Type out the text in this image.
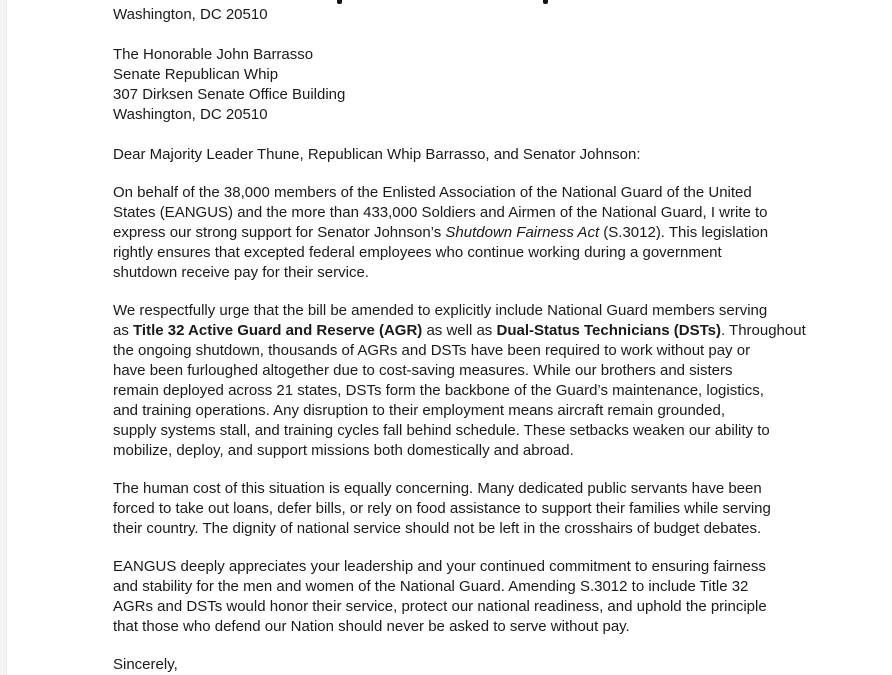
Washington, DC 20510

The Honorable John Barrasso
Senate Republican Whip
307 Dirksen Senate Office Building
Washington, DC 20510

Dear Majority Leader Thune, Republican Whip Barrasso, and Senator Johnson:

On behalf of the 38,000 members of the Enlisted Association of the National Guard of the United
States (EANGUS) and the more than 433,000 Soldiers and Airmen of the National Guard, I write to
express our strong support for Senator Johnson’s Shutdown Fairness Act (S.3012). This legislation
rightly ensures that excepted federal employees who continue working during a government
shutdown receive pay for their service.

We respectfully urge that the bill be amended to explicitly include National Guard members serving
as Title 32 Active Guard and Reserve (AGR) as well as Dual-Status Technicians (DSTs). Throughout
the ongoing shutdown, thousands of AGRs and DSTs have been required to work without pay or
have been furloughed altogether due to cost-saving measures. While our brothers and sisters
remain deployed across 21 states, DSTs form the backbone of the Guard’s maintenance, logistics,
and training operations. Any disruption to their employment means aircraft remain grounded,
supply systems stall, and training cycles fall behind schedule. These setbacks weaken our ability to
mobilize, deploy, and support missions both domestically and abroad.

The human cost of this situation is equally concerning. Many dedicated public servants have been
forced to take out loans, defer bills, or rely on food assistance to support their families while serving
their country. The dignity of national service should not be left in the crosshairs of budget debates.

EANGUS deeply appreciates your leadership and your continued commitment to ensuring fairness
and stability for the men and women of the National Guard. Amending S.3012 to include Title 32
AGRs and DSTs would honor their service, protect our national readiness, and uphold the principle
that those who defend our Nation should never be asked to serve without pay.

Sincerely,
